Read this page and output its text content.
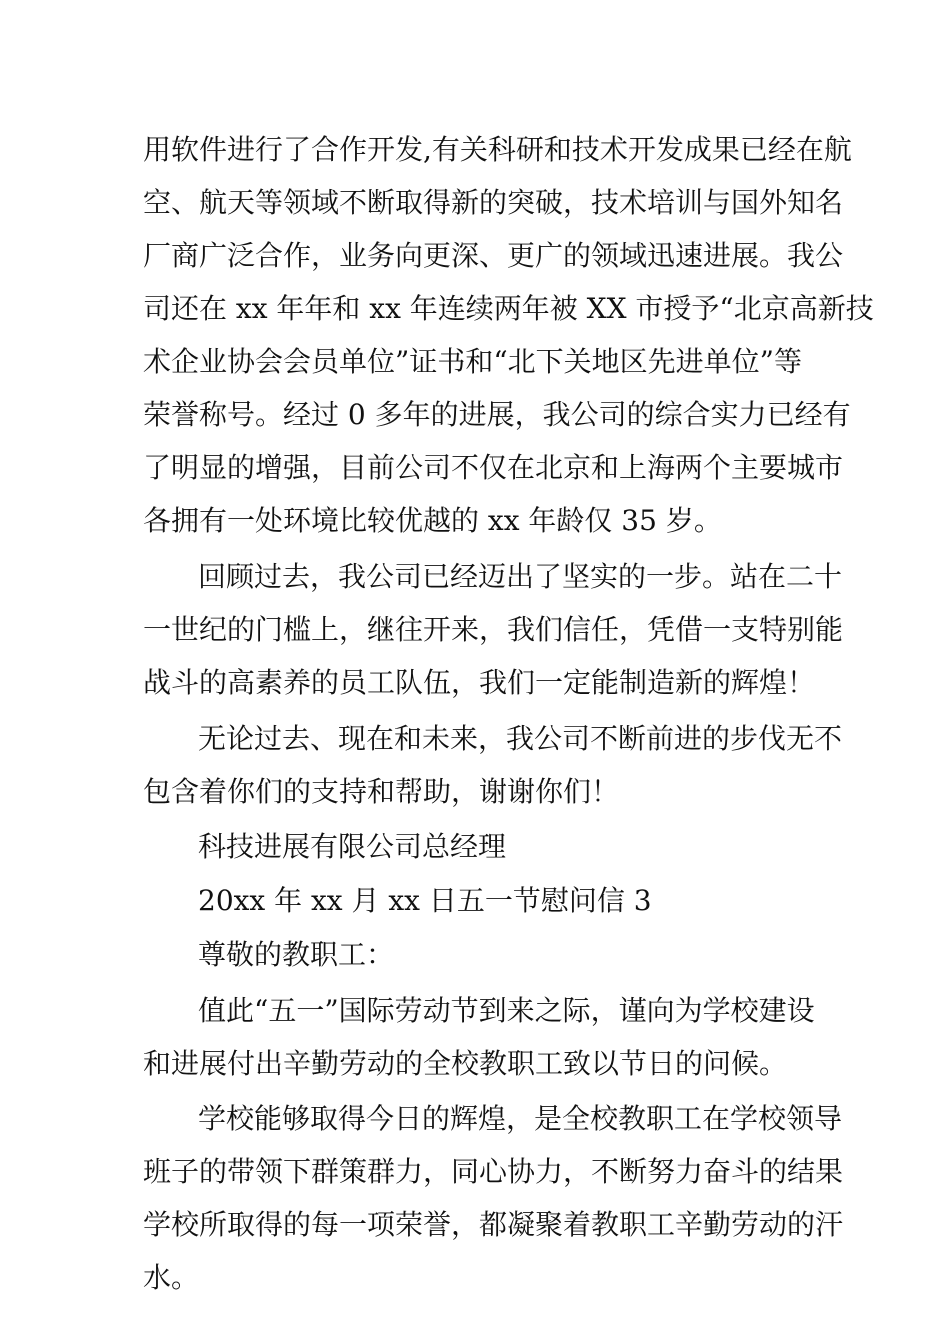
用软件进行了合作开发,有关科研和技术开发成果已经在航
空、航天等领域不断取得新的突破，技术培训与国外知名
厂商广泛合作，业务向更深、更广的领域迅速进展。我公
司还在 xx 年年和 xx 年连续两年被 XX 市授予“北京高新技
术企业协会会员单位”证书和“北下关地区先进单位”等
荣誉称号。经过 0 多年的进展，我公司的综合实力已经有
了明显的增强，目前公司不仅在北京和上海两个主要城市
各拥有一处环境比较优越的 xx 年龄仅 35 岁。
回顾过去，我公司已经迈出了坚实的一步。站在二十
一世纪的门槛上，继往开来，我们信任，凭借一支特别能
战斗的高素养的员工队伍，我们一定能制造新的辉煌！
无论过去、现在和未来，我公司不断前进的步伐无不
包含着你们的支持和帮助，谢谢你们！
科技进展有限公司总经理
20xx 年 xx 月 xx 日五一节慰问信 3
尊敬的教职工：
值此“五一”国际劳动节到来之际，谨向为学校建设
和进展付出辛勤劳动的全校教职工致以节日的问候。
学校能够取得今日的辉煌，是全校教职工在学校领导
班子的带领下群策群力，同心协力，不断努力奋斗的结果
学校所取得的每一项荣誉，都凝聚着教职工辛勤劳动的汗
水。
